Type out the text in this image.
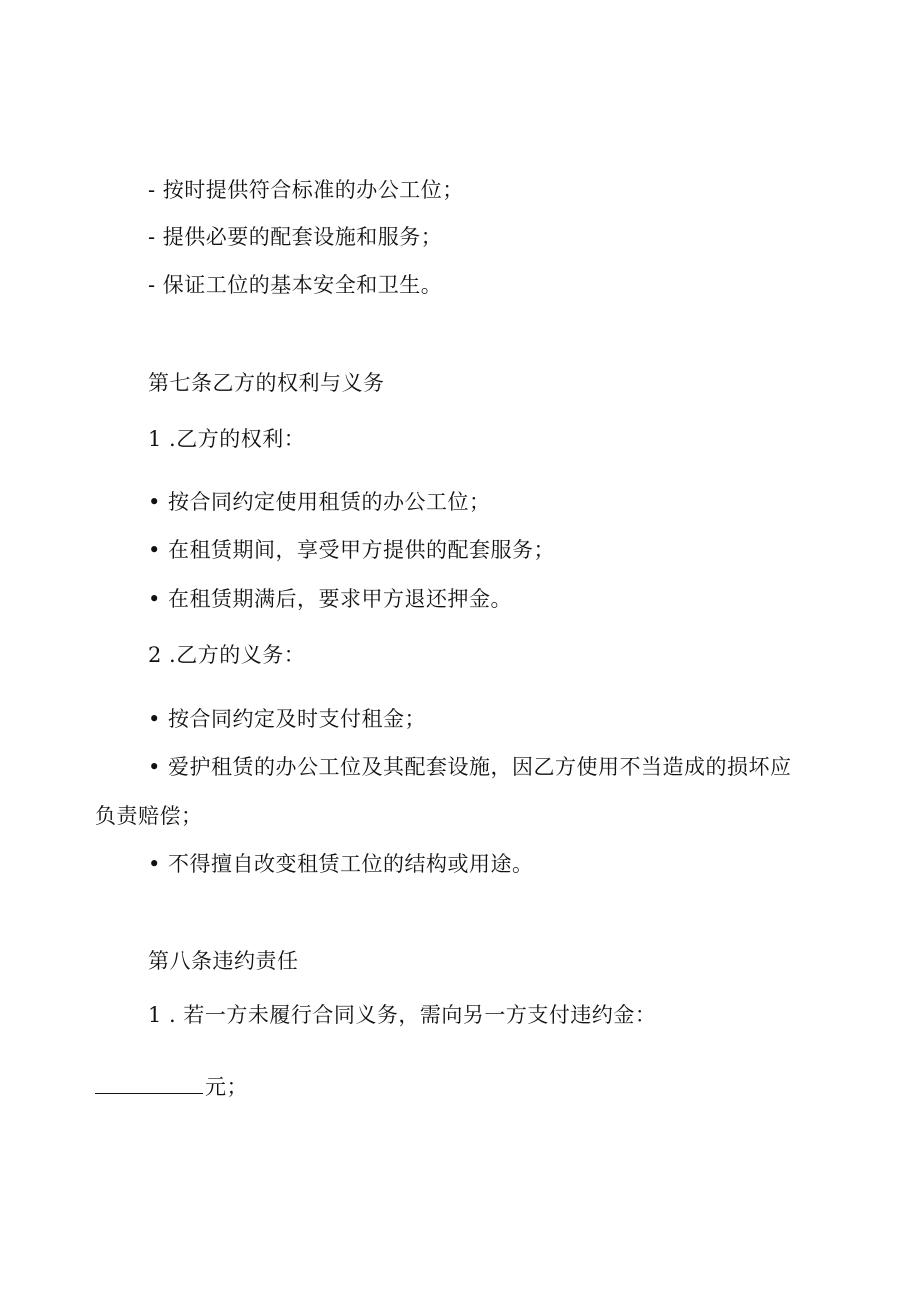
- 按时提供符合标准的办公工位；
- 提供必要的配套设施和服务；
- 保证工位的基本安全和卫生。
第七条乙方的权利与义务
1 .乙方的权利：
• 按合同约定使用租赁的办公工位；
• 在租赁期间，享受甲方提供的配套服务；
• 在租赁期满后，要求甲方退还押金。
2 .乙方的义务：
• 按合同约定及时支付租金；
• 爱护租赁的办公工位及其配套设施，因乙方使用不当造成的损坏应
负责赔偿；
• 不得擅自改变租赁工位的结构或用途。
第八条违约责任
1 . 若一方未履行合同义务，需向另一方支付违约金：
元；
